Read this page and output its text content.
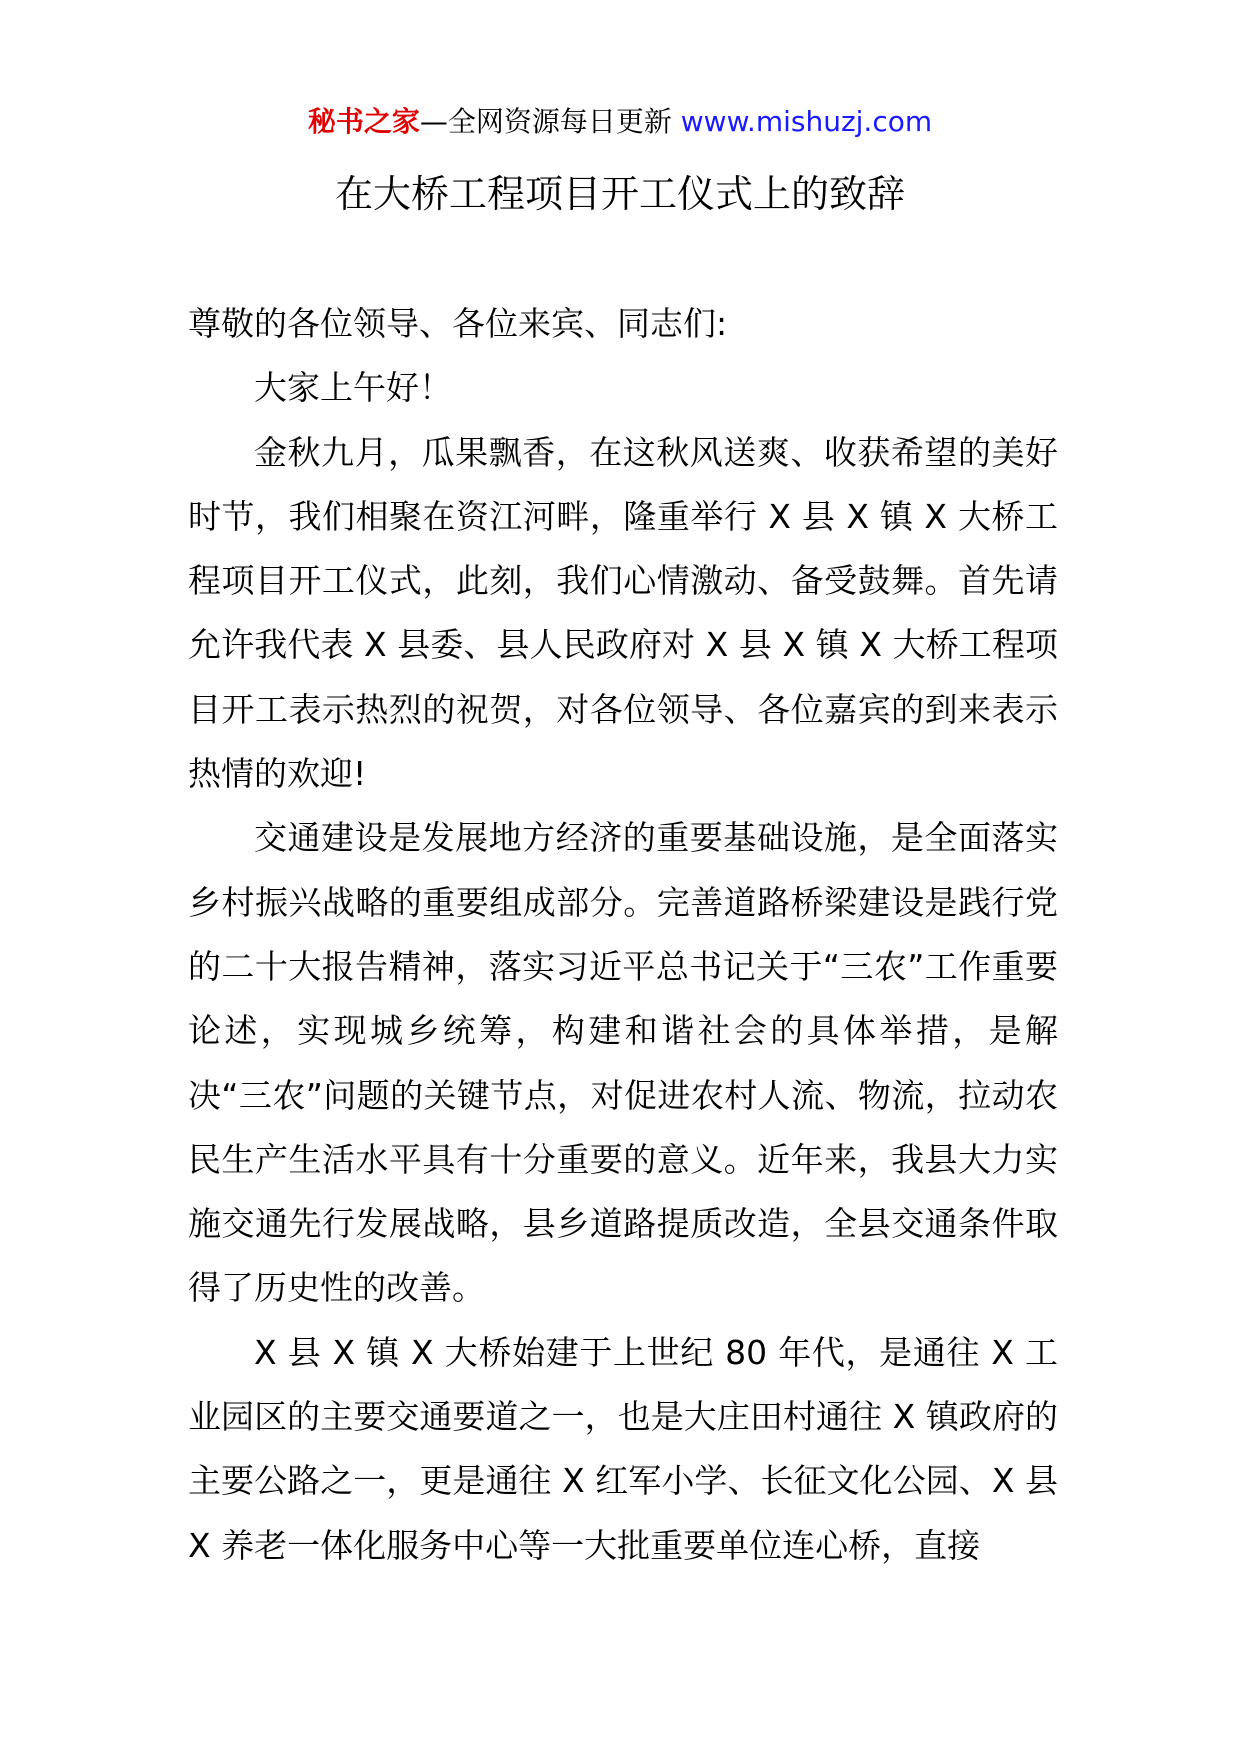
秘书之家—全网资源每日更新 www.mishuzj.com
在大桥工程项目开工仪式上的致辞

尊敬的各位领导、各位来宾、同志们:

大家上午好！

金秋九月，瓜果飘香，在这秋风送爽、收获希望的美好时节，我们相聚在资江河畔，隆重举行 X 县 X 镇 X 大桥工程项目开工仪式，此刻，我们心情激动、备受鼓舞。首先请允许我代表 X 县委、县人民政府对 X 县 X 镇 X 大桥工程项目开工表示热烈的祝贺，对各位领导、各位嘉宾的到来表示热情的欢迎!

交通建设是发展地方经济的重要基础设施，是全面落实乡村振兴战略的重要组成部分。完善道路桥梁建设是践行党的二十大报告精神，落实习近平总书记关于“三农”工作重要论述，实现城乡统筹，构建和谐社会的具体举措，是解决“三农”问题的关键节点，对促进农村人流、物流，拉动农民生产生活水平具有十分重要的意义。近年来，我县大力实施交通先行发展战略，县乡道路提质改造，全县交通条件取得了历史性的改善。

X 县 X 镇 X 大桥始建于上世纪 80 年代，是通往 X 工业园区的主要交通要道之一，也是大庄田村通往 X 镇政府的主要公路之一，更是通往 X 红军小学、长征文化公园、X 县 X 养老一体化服务中心等一大批重要单位连心桥，直接
